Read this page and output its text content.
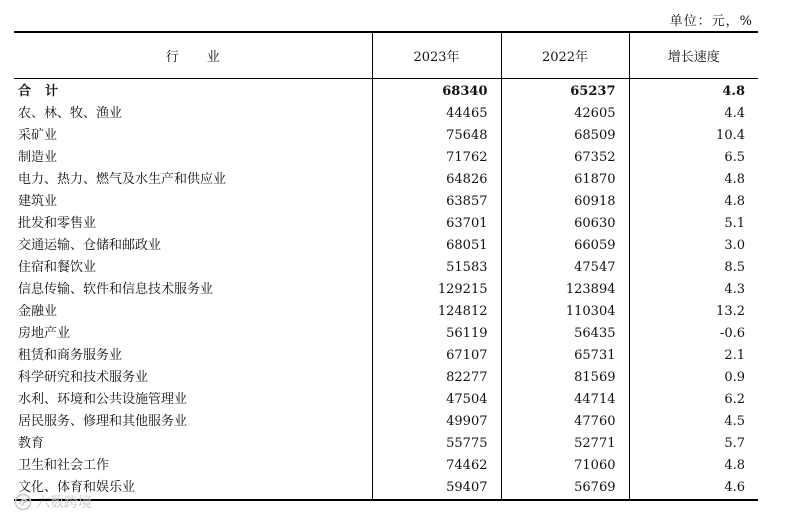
单位：元，%
行业	2023年	2022年	增长速度
合计	68340	65237	4.8
农、林、牧、渔业	44465	42605	4.4
采矿业	75648	68509	10.4
制造业	71762	67352	6.5
电力、热力、燃气及水生产和供应业	64826	61870	4.8
建筑业	63857	60918	4.8
批发和零售业	63701	60630	5.1
交通运输、仓储和邮政业	68051	66059	3.0
住宿和餐饮业	51583	47547	8.5
信息传输、软件和信息技术服务业	129215	123894	4.3
金融业	124812	110304	13.2
房地产业	56119	56435	-0.6
租赁和商务服务业	67107	65731	2.1
科学研究和技术服务业	82277	81569	0.9
水利、环境和公共设施管理业	47504	44714	6.2
居民服务、修理和其他服务业	49907	47760	4.5
教育	55775	52771	5.7
卫生和社会工作	74462	71060	4.8
文化、体育和娱乐业	59407	56769	4.6
六数跨境
